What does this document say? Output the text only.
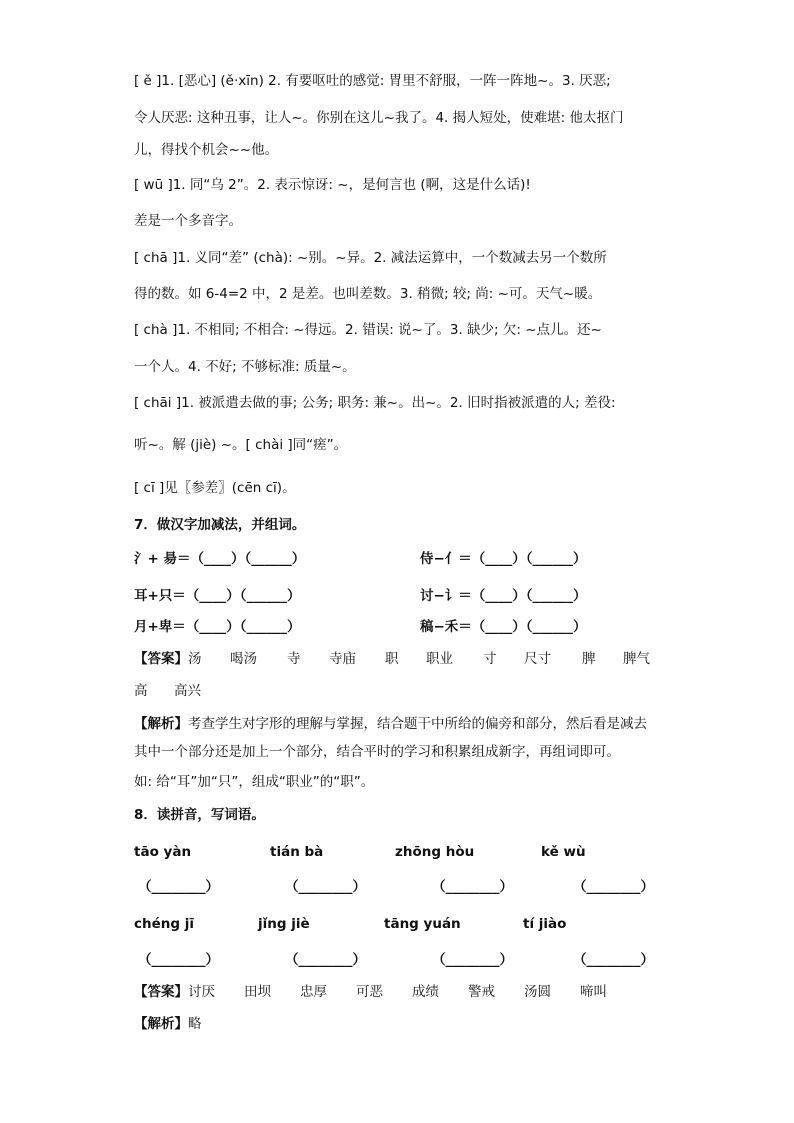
[ ě ]1. [恶心] (ě·xīn) 2. 有要呕吐的感觉: 胃里不舒服，一阵一阵地~。3. 厌恶;
令人厌恶: 这种丑事，让人~。你别在这儿~我了。4. 揭人短处，使难堪: 他太抠门
儿，得找个机会~~他。
[ wū ]1. 同“乌 2”。2. 表示惊讶: ~，是何言也 (啊，这是什么话)!
差是一个多音字。
[ chā ]1. 义同“差” (chà): ~别。~异。2. 减法运算中，一个数减去另一个数所
得的数。如 6-4=2 中，2 是差。也叫差数。3. 稍微; 较; 尚: ~可。天气~暖。
[ chà ]1. 不相同; 不相合: ~得远。2. 错误: 说~了。3. 缺少; 欠: ~点儿。还~
一个人。4. 不好; 不够标准: 质量~。
[ chāi ]1. 被派遣去做的事; 公务; 职务: 兼~。出~。2. 旧时指被派遣的人; 差役:
听~。解 (jiè) ~。[ chài ]同“瘥”。
[ cī ]见〖参差〗(cēn cī)。
7．做汉字加减法，并组词。
氵+ 昜＝（____）（______）	侍−亻＝（____）（______）
耳+只＝（____）（______）	讨−讠＝（____）（______）
月+卑＝（____）（______）	稿−禾＝（____）（______）
【答案】 汤 喝汤 寺 寺庙 职 职业 寸 尺寸 脾 脾气
高 高兴
【解析】考查学生对字形的理解与掌握，结合题干中所给的偏旁和部分，然后看是减去
其中一个部分还是加上一个部分，结合平时的学习和积累组成新字，再组词即可。
如: 给“耳”加“只”，组成“职业”的“职”。
8．读拼音，写词语。
tāo yàn	tián bà	zhōng hòu	kě wù
（________）	（________）	（________）	（________）
chéng jī	jǐng jiè	tāng yuán	tí jiào
（________）	（________）	（________）	（________）
【答案】 讨厌 田坝 忠厚 可恶 成绩 警戒 汤圆 啼叫
【解析】略
